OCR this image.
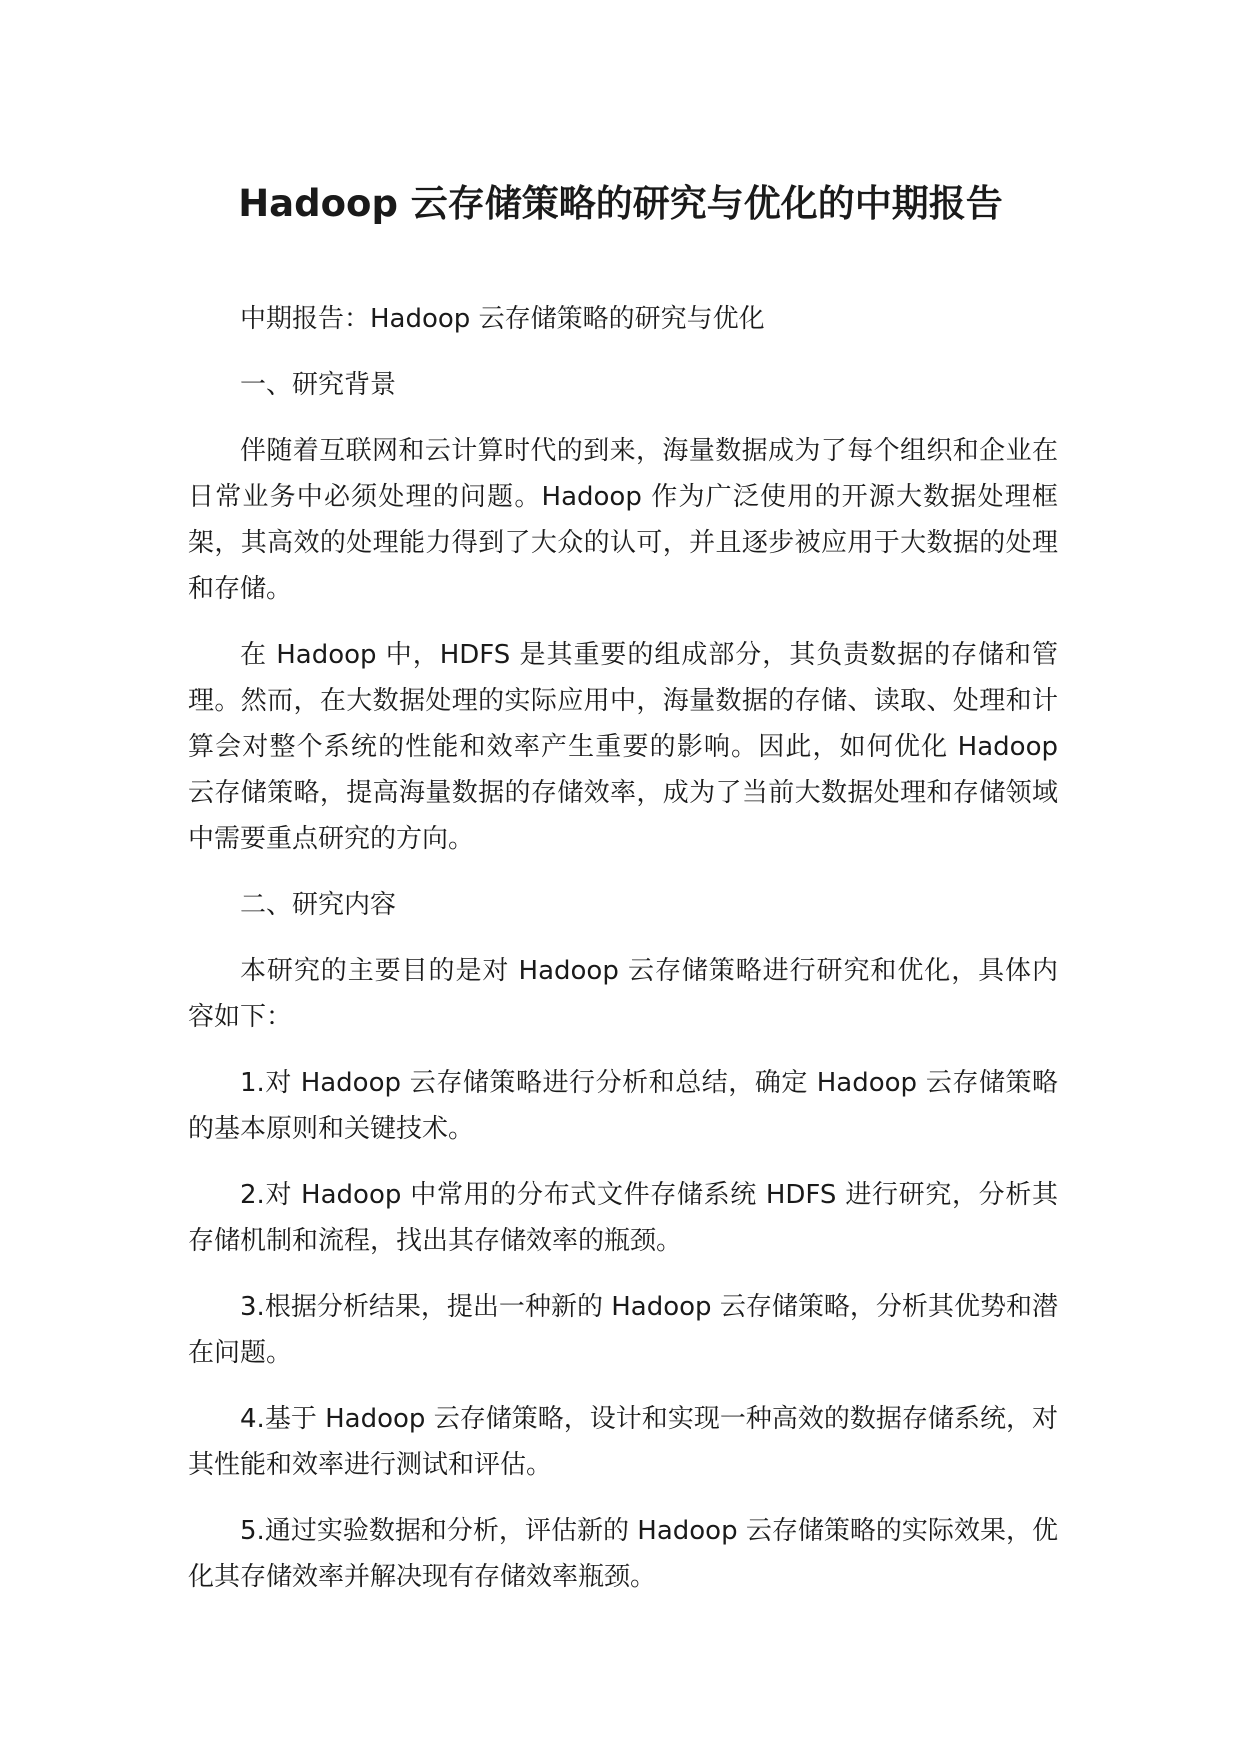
Hadoop 云存储策略的研究与优化的中期报告

中期报告：Hadoop 云存储策略的研究与优化

一、研究背景

伴随着互联网和云计算时代的到来，海量数据成为了每个组织和企业在日常业务中必须处理的问题。Hadoop 作为广泛使用的开源大数据处理框架，其高效的处理能力得到了大众的认可，并且逐步被应用于大数据的处理和存储。

在 Hadoop 中，HDFS 是其重要的组成部分，其负责数据的存储和管理。然而，在大数据处理的实际应用中，海量数据的存储、读取、处理和计算会对整个系统的性能和效率产生重要的影响。因此，如何优化 Hadoop 云存储策略，提高海量数据的存储效率，成为了当前大数据处理和存储领域中需要重点研究的方向。

二、研究内容

本研究的主要目的是对 Hadoop 云存储策略进行研究和优化，具体内容如下：

1.对 Hadoop 云存储策略进行分析和总结，确定 Hadoop 云存储策略的基本原则和关键技术。

2.对 Hadoop 中常用的分布式文件存储系统 HDFS 进行研究，分析其存储机制和流程，找出其存储效率的瓶颈。

3.根据分析结果，提出一种新的 Hadoop 云存储策略，分析其优势和潜在问题。

4.基于 Hadoop 云存储策略，设计和实现一种高效的数据存储系统，对其性能和效率进行测试和评估。

5.通过实验数据和分析，评估新的 Hadoop 云存储策略的实际效果，优化其存储效率并解决现有存储效率瓶颈。
